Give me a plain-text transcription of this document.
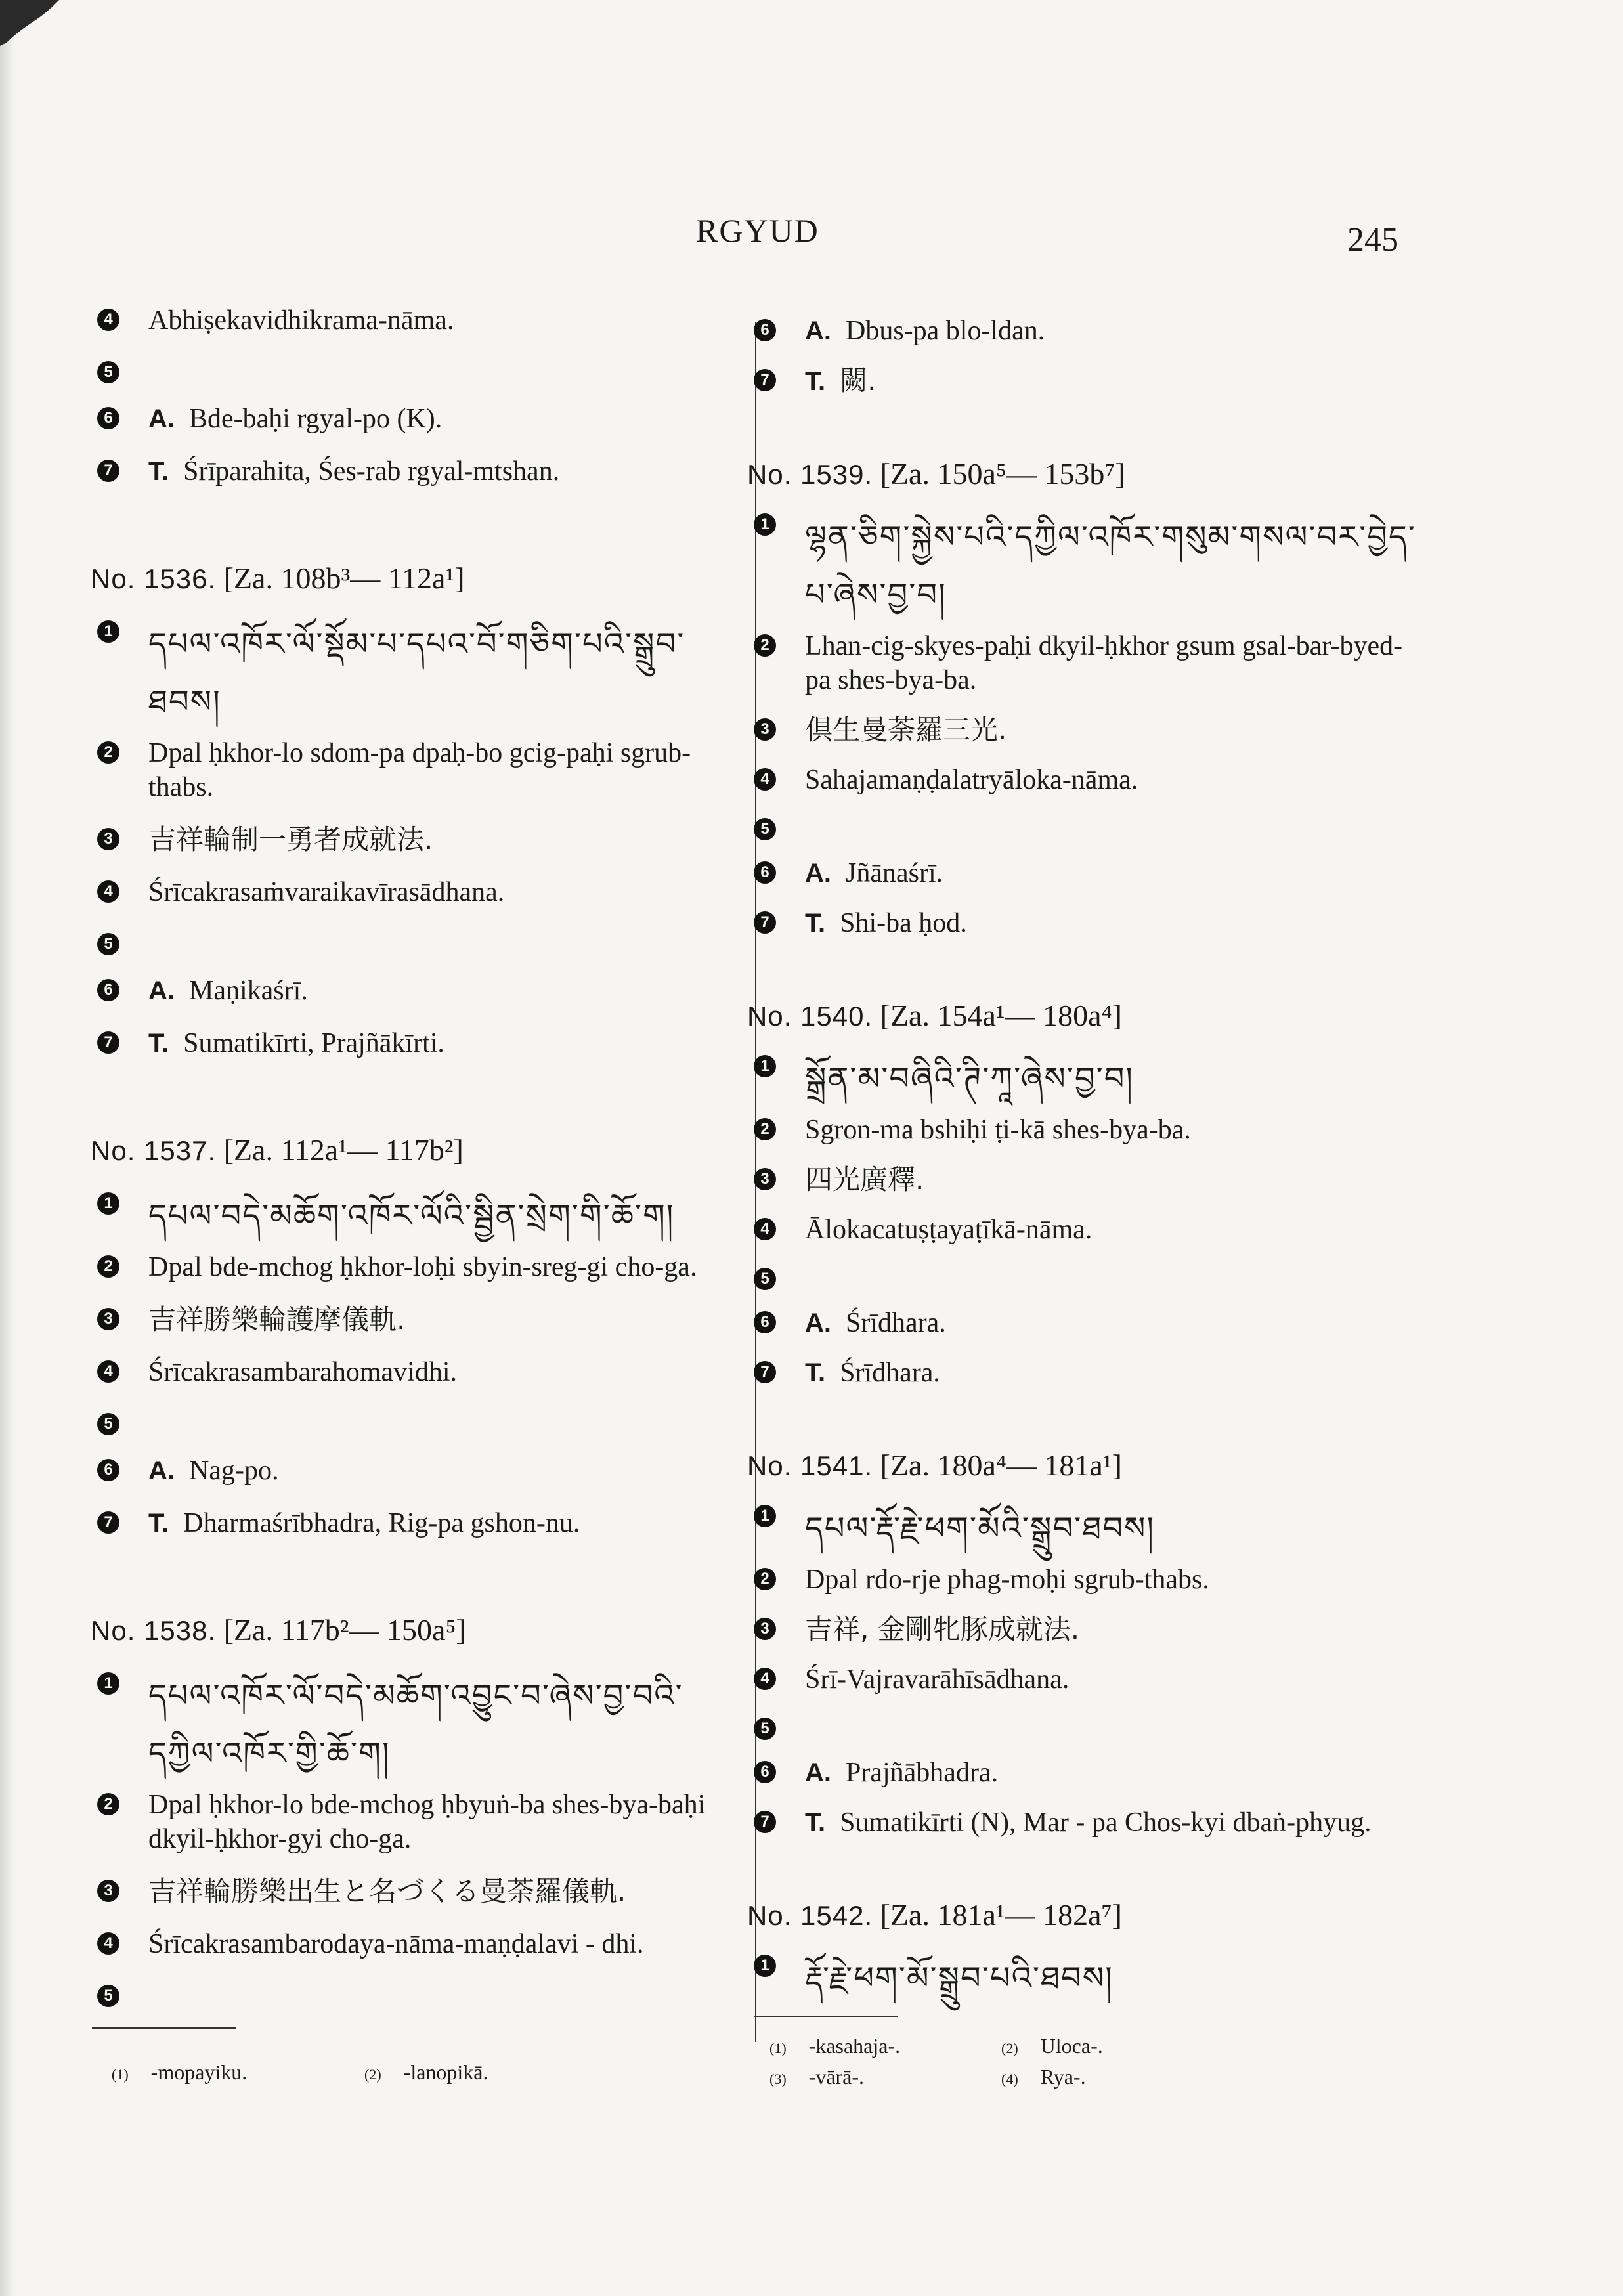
RGYUD	245
4 Abhiṣekavidhikrama-nāma.
5
6 A. Bde-baḥi rgyal-po (K).
7 T. Śrīparahita, Śes-rab rgyal-mtshan.
No. 1536. [Za. 108b³— 112a¹]
1 དཔལ་འཁོར་ལོ་སྡོམ་པ་དཔའ་བོ་གཅིག་པའི་སྒྲུབ་ཐབས།
2 Dpal ḥkhor-lo sdom-pa dpaḥ-bo gcig-paḥi sgrub-thabs.
3 吉祥輪制一勇者成就法.
4 Śrīcakrasaṁvaraikavīrasādhana.
5
6 A. Maṇikaśrī.
7 T. Sumatikīrti, Prajñākīrti.
No. 1537. [Za. 112a¹— 117b²]
1 དཔལ་བདེ་མཆོག་འཁོར་ལོའི་སྦྱིན་སྲེག་གི་ཆོ་ག།
2 Dpal bde-mchog ḥkhor-loḥi sbyin-sreg-gi cho-ga.
3 吉祥勝樂輪護摩儀軌.
4 Śrīcakrasambarahomavidhi.
5
6 A. Nag-po.
7 T. Dharmaśrībhadra, Rig-pa gshon-nu.
No. 1538. [Za. 117b²— 150a⁵]
1 དཔལ་འཁོར་ལོ་བདེ་མཆོག་འབྱུང་བ་ཞེས་བྱ་བའི་དཀྱིལ་འཁོར་གྱི་ཆོ་ག།
2 Dpal ḥkhor-lo bde-mchog ḥbyuṅ-ba shes-bya-baḥi dkyil-ḥkhor-gyi cho-ga.
3 吉祥輪勝樂出生と名づくる曼荼羅儀軌.
4 Śrīcakrasambarodaya-nāma-maṇḍalavi - dhi.
5
6 A. Dbus-pa blo-ldan.
7 T. 闕.
No. 1539. [Za. 150a⁵— 153b⁷]
1 ལྷན་ཅིག་སྐྱེས་པའི་དཀྱིལ་འཁོར་གསུམ་གསལ་བར་བྱེད་པ་ཞེས་བྱ་བ།
2 Lhan-cig-skyes-paḥi dkyil-ḥkhor gsum gsal-bar-byed-pa shes-bya-ba.
3 倶生曼荼羅三光.
4 Sahajamaṇḍalatryāloka-nāma.
5
6 A. Jñānaśrī.
7 T. Shi-ba ḥod.
No. 1540. [Za. 154a¹— 180a⁴]
1 སྒྲོན་མ་བཞིའི་ཊི་ཀཱ་ཞེས་བྱ་བ།
2 Sgron-ma bshiḥi ṭi-kā shes-bya-ba.
3 四光廣釋.
4 Ālokacatuṣṭayaṭīkā-nāma.
5
6 A. Śrīdhara.
7 T. Śrīdhara.
No. 1541. [Za. 180a⁴— 181a¹]
1 དཔལ་རྡོ་རྗེ་ཕག་མོའི་སྒྲུབ་ཐབས།
2 Dpal rdo-rje phag-moḥi sgrub-thabs.
3 吉祥, 金剛牝豚成就法.
4 Śrī-Vajravarāhīsādhana.
5
6 A. Prajñābhadra.
7 T. Sumatikīrti (N), Mar - pa Chos-kyi dbaṅ-phyug.
No. 1542. [Za. 181a¹— 182a⁷]
1 རྡོ་རྗེ་ཕག་མོ་སྒྲུབ་པའི་ཐབས།
(1) -mopayiku.	(2) -lanopikā.
(1) -kasahaja-.	(2) Uloca-.
(3) -vārā-.	(4) Rya-.
